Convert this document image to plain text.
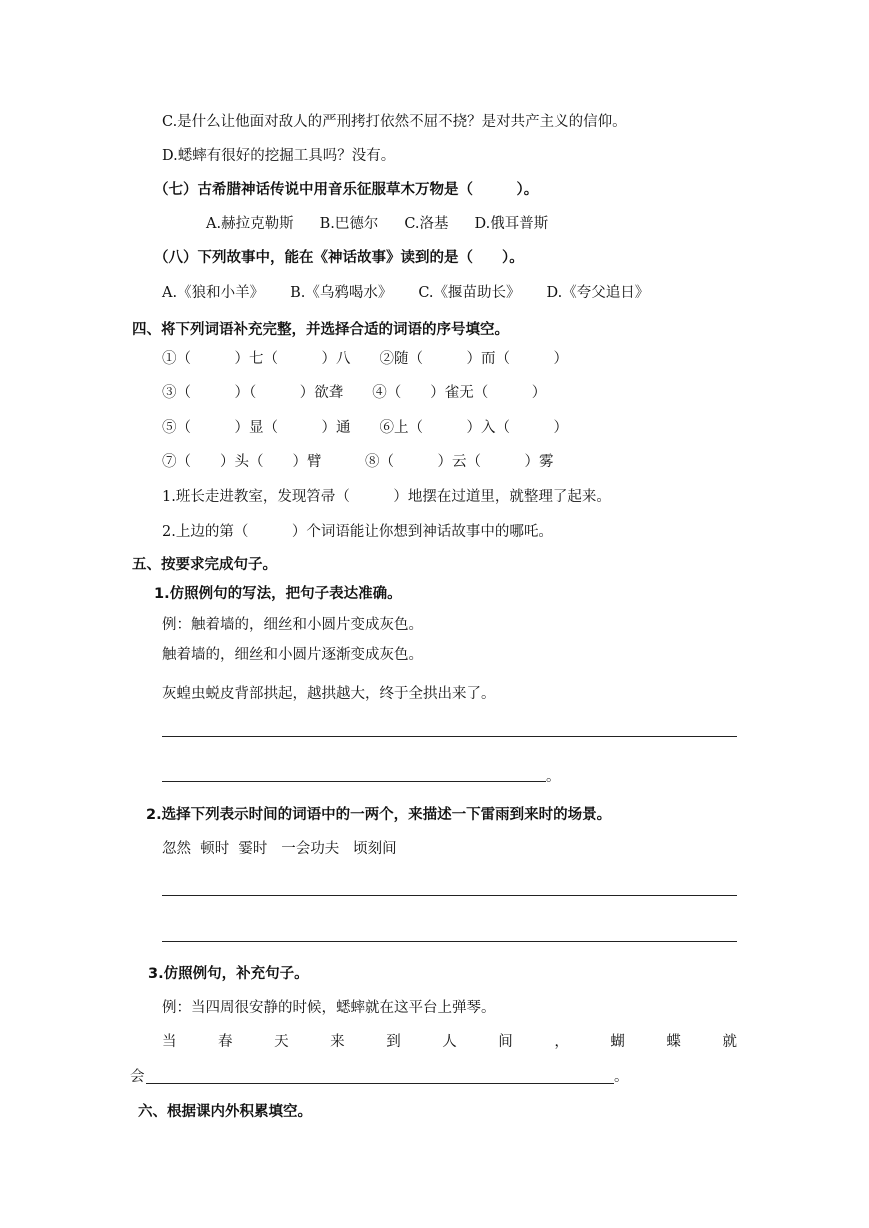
C.是什么让他面对敌人的严刑拷打依然不屈不挠？是对共产主义的信仰。
D.蟋蟀有很好的挖掘工具吗？没有。
（七）古希腊神话传说中用音乐征服草木万物是（　　　）。
A.赫拉克勒斯 B.巴德尔 C.洛基 D.俄耳普斯
（八）下列故事中，能在《神话故事》读到的是（　　）。
A.《狼和小羊》 B.《乌鸦喝水》 C.《揠苗助长》 D.《夸父追日》
四、将下列词语补充完整，并选择合适的词语的序号填空。
①（　　　）七（　　　）八　　②随（　　　）而（　　　）
③（　　　）（　　　）欲聋　　④（　　）雀无（　　　）
⑤（　　　）显（　　　）通　　⑥上（　　　）入（　　　）
⑦（　　）头（　　）臂　　　⑧（　　　）云（　　　）雾
1.班长走进教室，发现笤帚（　　　）地摆在过道里，就整理了起来。
2.上边的第（　　　）个词语能让你想到神话故事中的哪吒。
五、按要求完成句子。
1.仿照例句的写法，把句子表达准确。
例：触着墙的，细丝和小圆片变成灰色。
触着墙的，细丝和小圆片逐渐变成灰色。
灰蝗虫蜕皮背部拱起，越拱越大，终于全拱出来了。
。
2.选择下列表示时间的词语中的一两个，来描述一下雷雨到来时的场景。
忽然  顿时  霎时   一会功夫   顷刻间
3.仿照例句，补充句子。
例：当四周很安静的时候，蟋蟀就在这平台上弹琴。
当	春	天	来	到	人	间	，	蝴	蝶	就
会	。
六、根据课内外积累填空。
